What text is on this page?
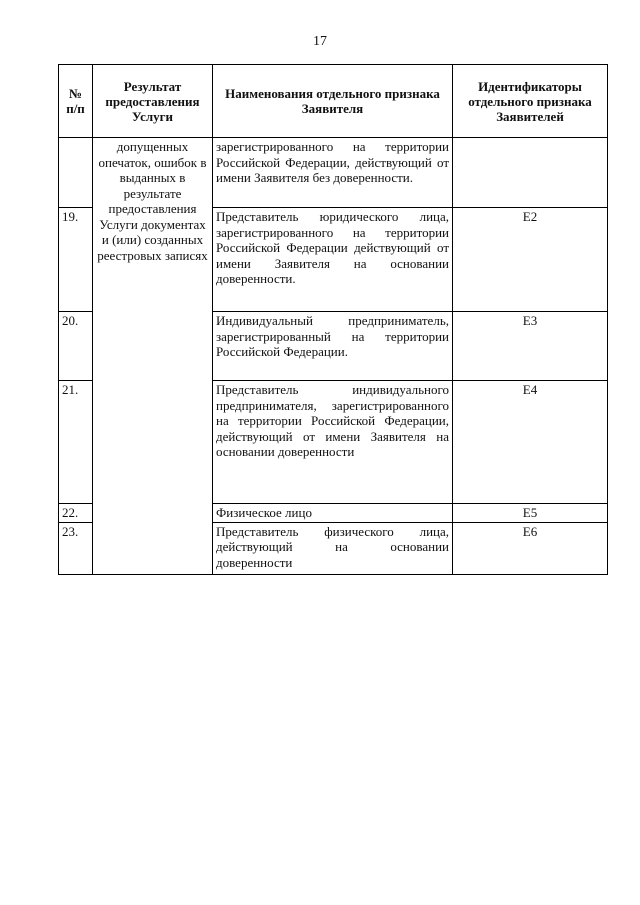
17
№ п/п	Результат предоставления Услуги	Наименования отдельного признака Заявителя	Идентификаторы отдельного признака Заявителей
	допущенных опечаток, ошибок в выданных в результате предоставления Услуги документах и (или) созданных реестровых записях	зарегистрированного на территории Российской Федерации, действующий от имени Заявителя без доверенности.	
19.		Представитель юридического лица, зарегистрированного на территории Российской Федерации действующий от имени Заявителя на основании доверенности.	Е2
20.		Индивидуальный предприниматель, зарегистрированный на территории Российской Федерации.	Е3
21.		Представитель индивидуального предпринимателя, зарегистрированного на территории Российской Федерации, действующий от имени Заявителя на основании доверенности	Е4
22.		Физическое лицо	Е5
23.		Представитель физического лица, действующий на основании доверенности	Е6
